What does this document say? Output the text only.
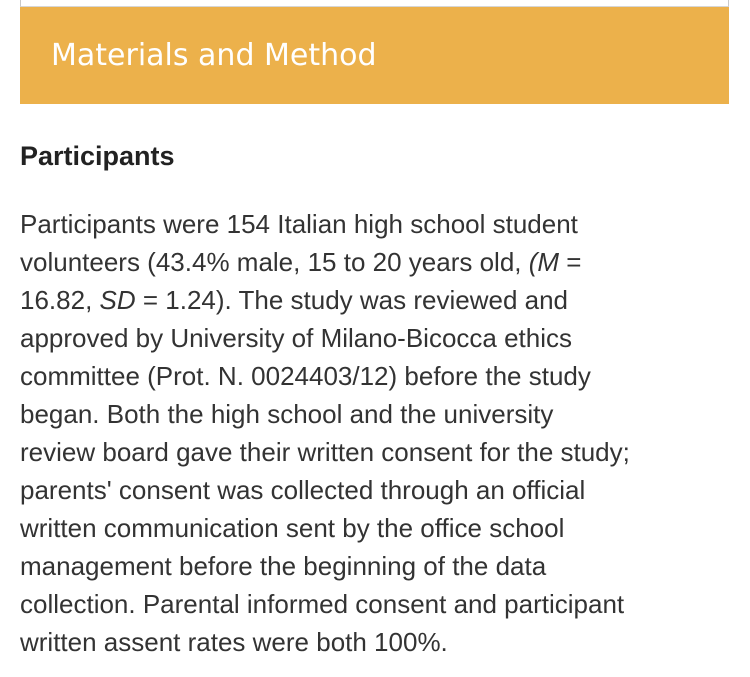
Materials and Method
Participants

Participants were 154 Italian high school student
volunteers (43.4% male, 15 to 20 years old, (M =
16.82, SD = 1.24). The study was reviewed and
approved by University of Milano-Bicocca ethics
committee (Prot. N. 0024403/12) before the study
began. Both the high school and the university
review board gave their written consent for the study;
parents' consent was collected through an official
written communication sent by the office school
management before the beginning of the data
collection. Parental informed consent and participant
written assent rates were both 100%.
